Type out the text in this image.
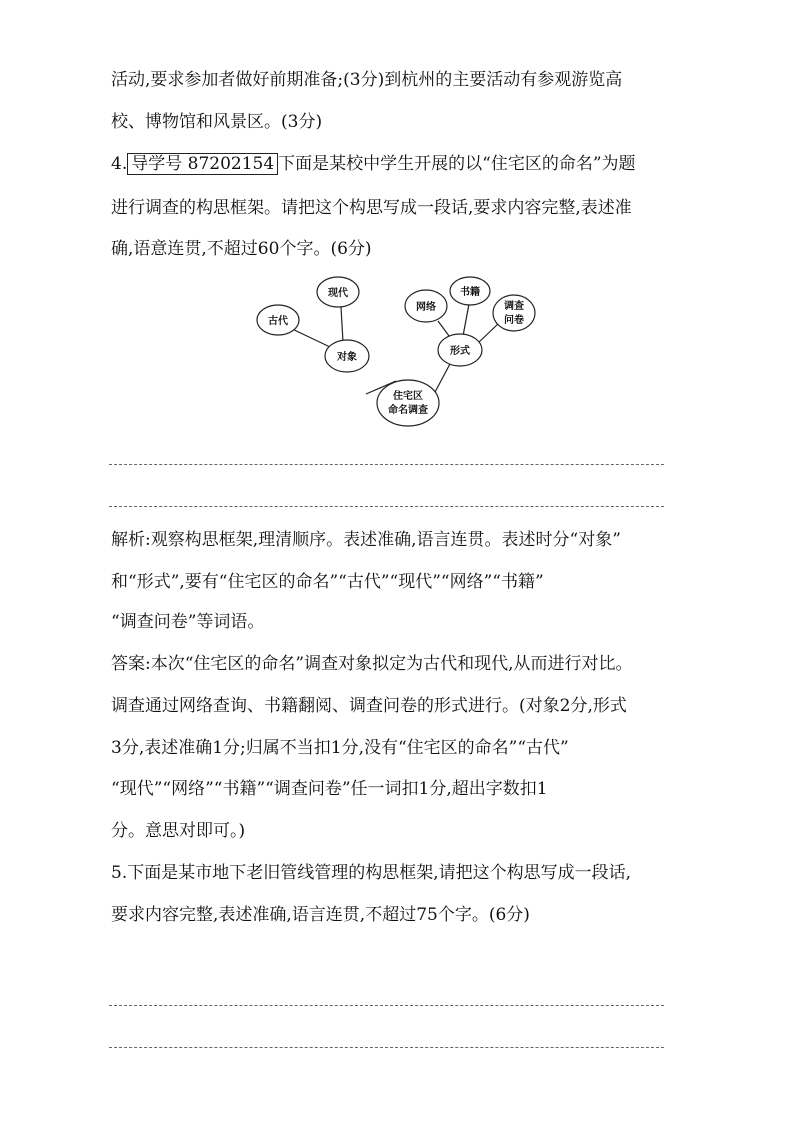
活动,要求参加者做好前期准备;(3分)到杭州的主要活动有参观游览高
校、博物馆和风景区。(3分)
4. 导学号 87202154 下面是某校中学生开展的以“住宅区的命名”为题
进行调查的构思框架。请把这个构思写成一段话,要求内容完整,表述准
确,语意连贯,不超过60个字。(6分)
古代
现代
对象
网络
书籍
调查
问卷
形式
住宅区
命名调查
解析:观察构思框架,理清顺序。表述准确,语言连贯。表述时分“对象”
和“形式”,要有“住宅区的命名”“古代”“现代”“网络”“书籍”
“调查问卷”等词语。
答案:本次“住宅区的命名”调查对象拟定为古代和现代,从而进行对比。
调查通过网络查询、书籍翻阅、调查问卷的形式进行。(对象2分,形式
3分,表述准确1分;归属不当扣1分,没有“住宅区的命名”“古代”
“现代”“网络”“书籍”“调查问卷”任一词扣1分,超出字数扣1
分。意思对即可。)
5.下面是某市地下老旧管线管理的构思框架,请把这个构思写成一段话,
要求内容完整,表述准确,语言连贯,不超过75个字。(6分)
